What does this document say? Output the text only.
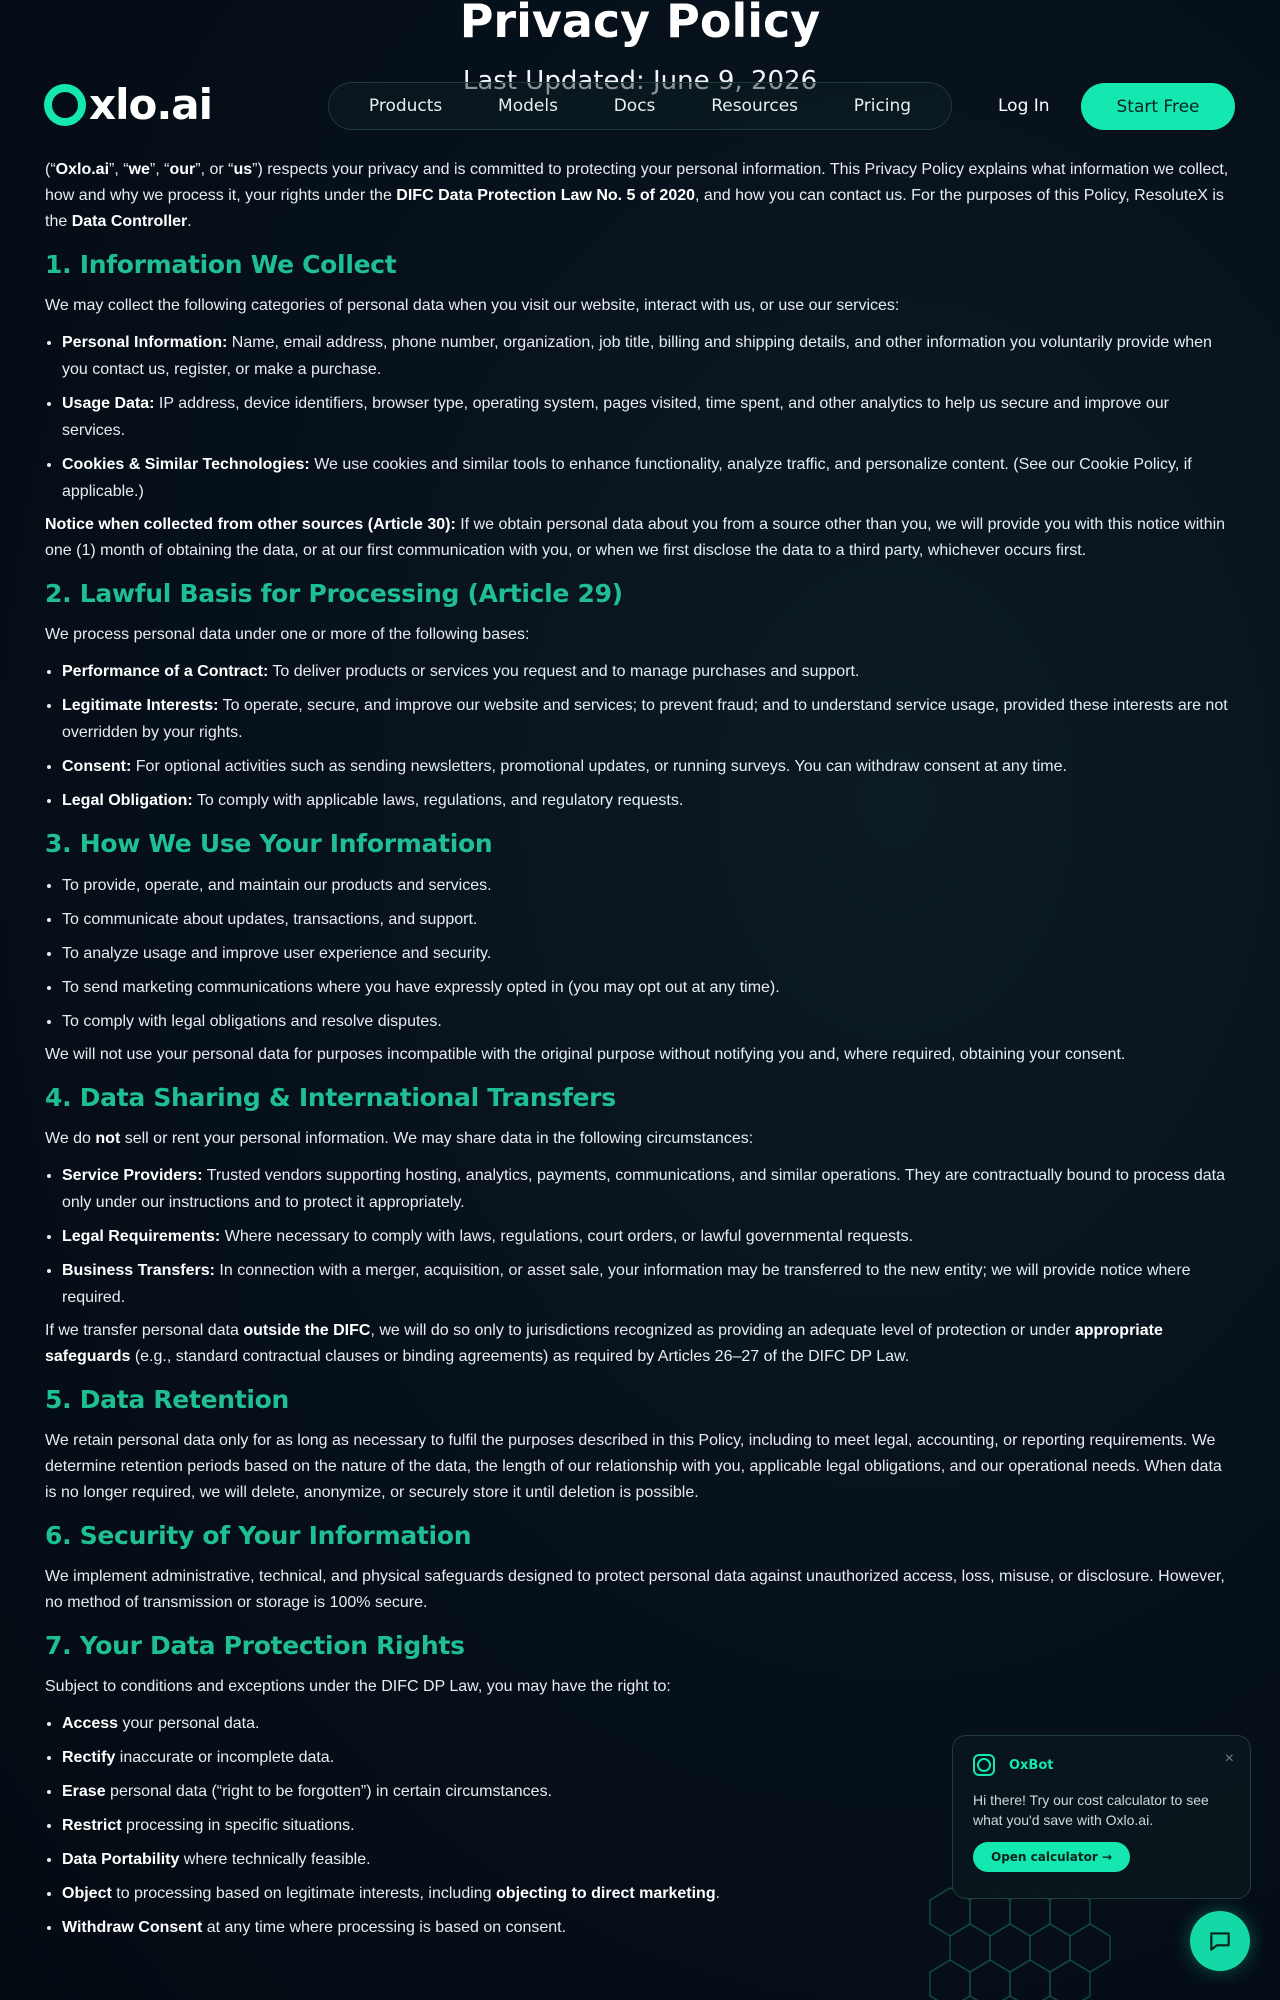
Privacy Policy
Last Updated: June 9, 2026
xlo.ai	Products	Models	Docs	Resources	Pricing	Log In	Start Free

(“Oxlo.ai”, “we”, “our”, or “us”) respects your privacy and is committed to protecting your personal information. This Privacy Policy explains what information we collect, how and why we process it, your rights under the DIFC Data Protection Law No. 5 of 2020, and how you can contact us. For the purposes of this Policy, ResoluteX is the Data Controller.

1. Information We Collect

We may collect the following categories of personal data when you visit our website, interact with us, or use our services:

• Personal Information: Name, email address, phone number, organization, job title, billing and shipping details, and other information you voluntarily provide when you contact us, register, or make a purchase.
• Usage Data: IP address, device identifiers, browser type, operating system, pages visited, time spent, and other analytics to help us secure and improve our services.
• Cookies & Similar Technologies: We use cookies and similar tools to enhance functionality, analyze traffic, and personalize content. (See our Cookie Policy, if applicable.)

Notice when collected from other sources (Article 30): If we obtain personal data about you from a source other than you, we will provide you with this notice within one (1) month of obtaining the data, or at our first communication with you, or when we first disclose the data to a third party, whichever occurs first.

2. Lawful Basis for Processing (Article 29)

We process personal data under one or more of the following bases:

• Performance of a Contract: To deliver products or services you request and to manage purchases and support.
• Legitimate Interests: To operate, secure, and improve our website and services; to prevent fraud; and to understand service usage, provided these interests are not overridden by your rights.
• Consent: For optional activities such as sending newsletters, promotional updates, or running surveys. You can withdraw consent at any time.
• Legal Obligation: To comply with applicable laws, regulations, and regulatory requests.
3. How We Use Your Information
• To provide, operate, and maintain our products and services.
• To communicate about updates, transactions, and support.
• To analyze usage and improve user experience and security.
• To send marketing communications where you have expressly opted in (you may opt out at any time).
• To comply with legal obligations and resolve disputes.

We will not use your personal data for purposes incompatible with the original purpose without notifying you and, where required, obtaining your consent.

4. Data Sharing & International Transfers

We do not sell or rent your personal information. We may share data in the following circumstances:

• Service Providers: Trusted vendors supporting hosting, analytics, payments, communications, and similar operations. They are contractually bound to process data only under our instructions and to protect it appropriately.
• Legal Requirements: Where necessary to comply with laws, regulations, court orders, or lawful governmental requests.
• Business Transfers: In connection with a merger, acquisition, or asset sale, your information may be transferred to the new entity; we will provide notice where required.

If we transfer personal data outside the DIFC, we will do so only to jurisdictions recognized as providing an adequate level of protection or under appropriate safeguards (e.g., standard contractual clauses or binding agreements) as required by Articles 26–27 of the DIFC DP Law.

5. Data Retention

We retain personal data only for as long as necessary to fulfil the purposes described in this Policy, including to meet legal, accounting, or reporting requirements. We determine retention periods based on the nature of the data, the length of our relationship with you, applicable legal obligations, and our operational needs. When data is no longer required, we will delete, anonymize, or securely store it until deletion is possible.

6. Security of Your Information

We implement administrative, technical, and physical safeguards designed to protect personal data against unauthorized access, loss, misuse, or disclosure. However, no method of transmission or storage is 100% secure.

7. Your Data Protection Rights

Subject to conditions and exceptions under the DIFC DP Law, you may have the right to:

• Access your personal data.
• Rectify inaccurate or incomplete data.
• Erase personal data (“right to be forgotten”) in certain circumstances.
• Restrict processing in specific situations.
• Data Portability where technically feasible.
• Object to processing based on legitimate interests, including objecting to direct marketing.
• Withdraw Consent at any time where processing is based on consent.
OxBot	×
Hi there! Try our cost calculator to see what you'd save with Oxlo.ai.
Open calculator →
